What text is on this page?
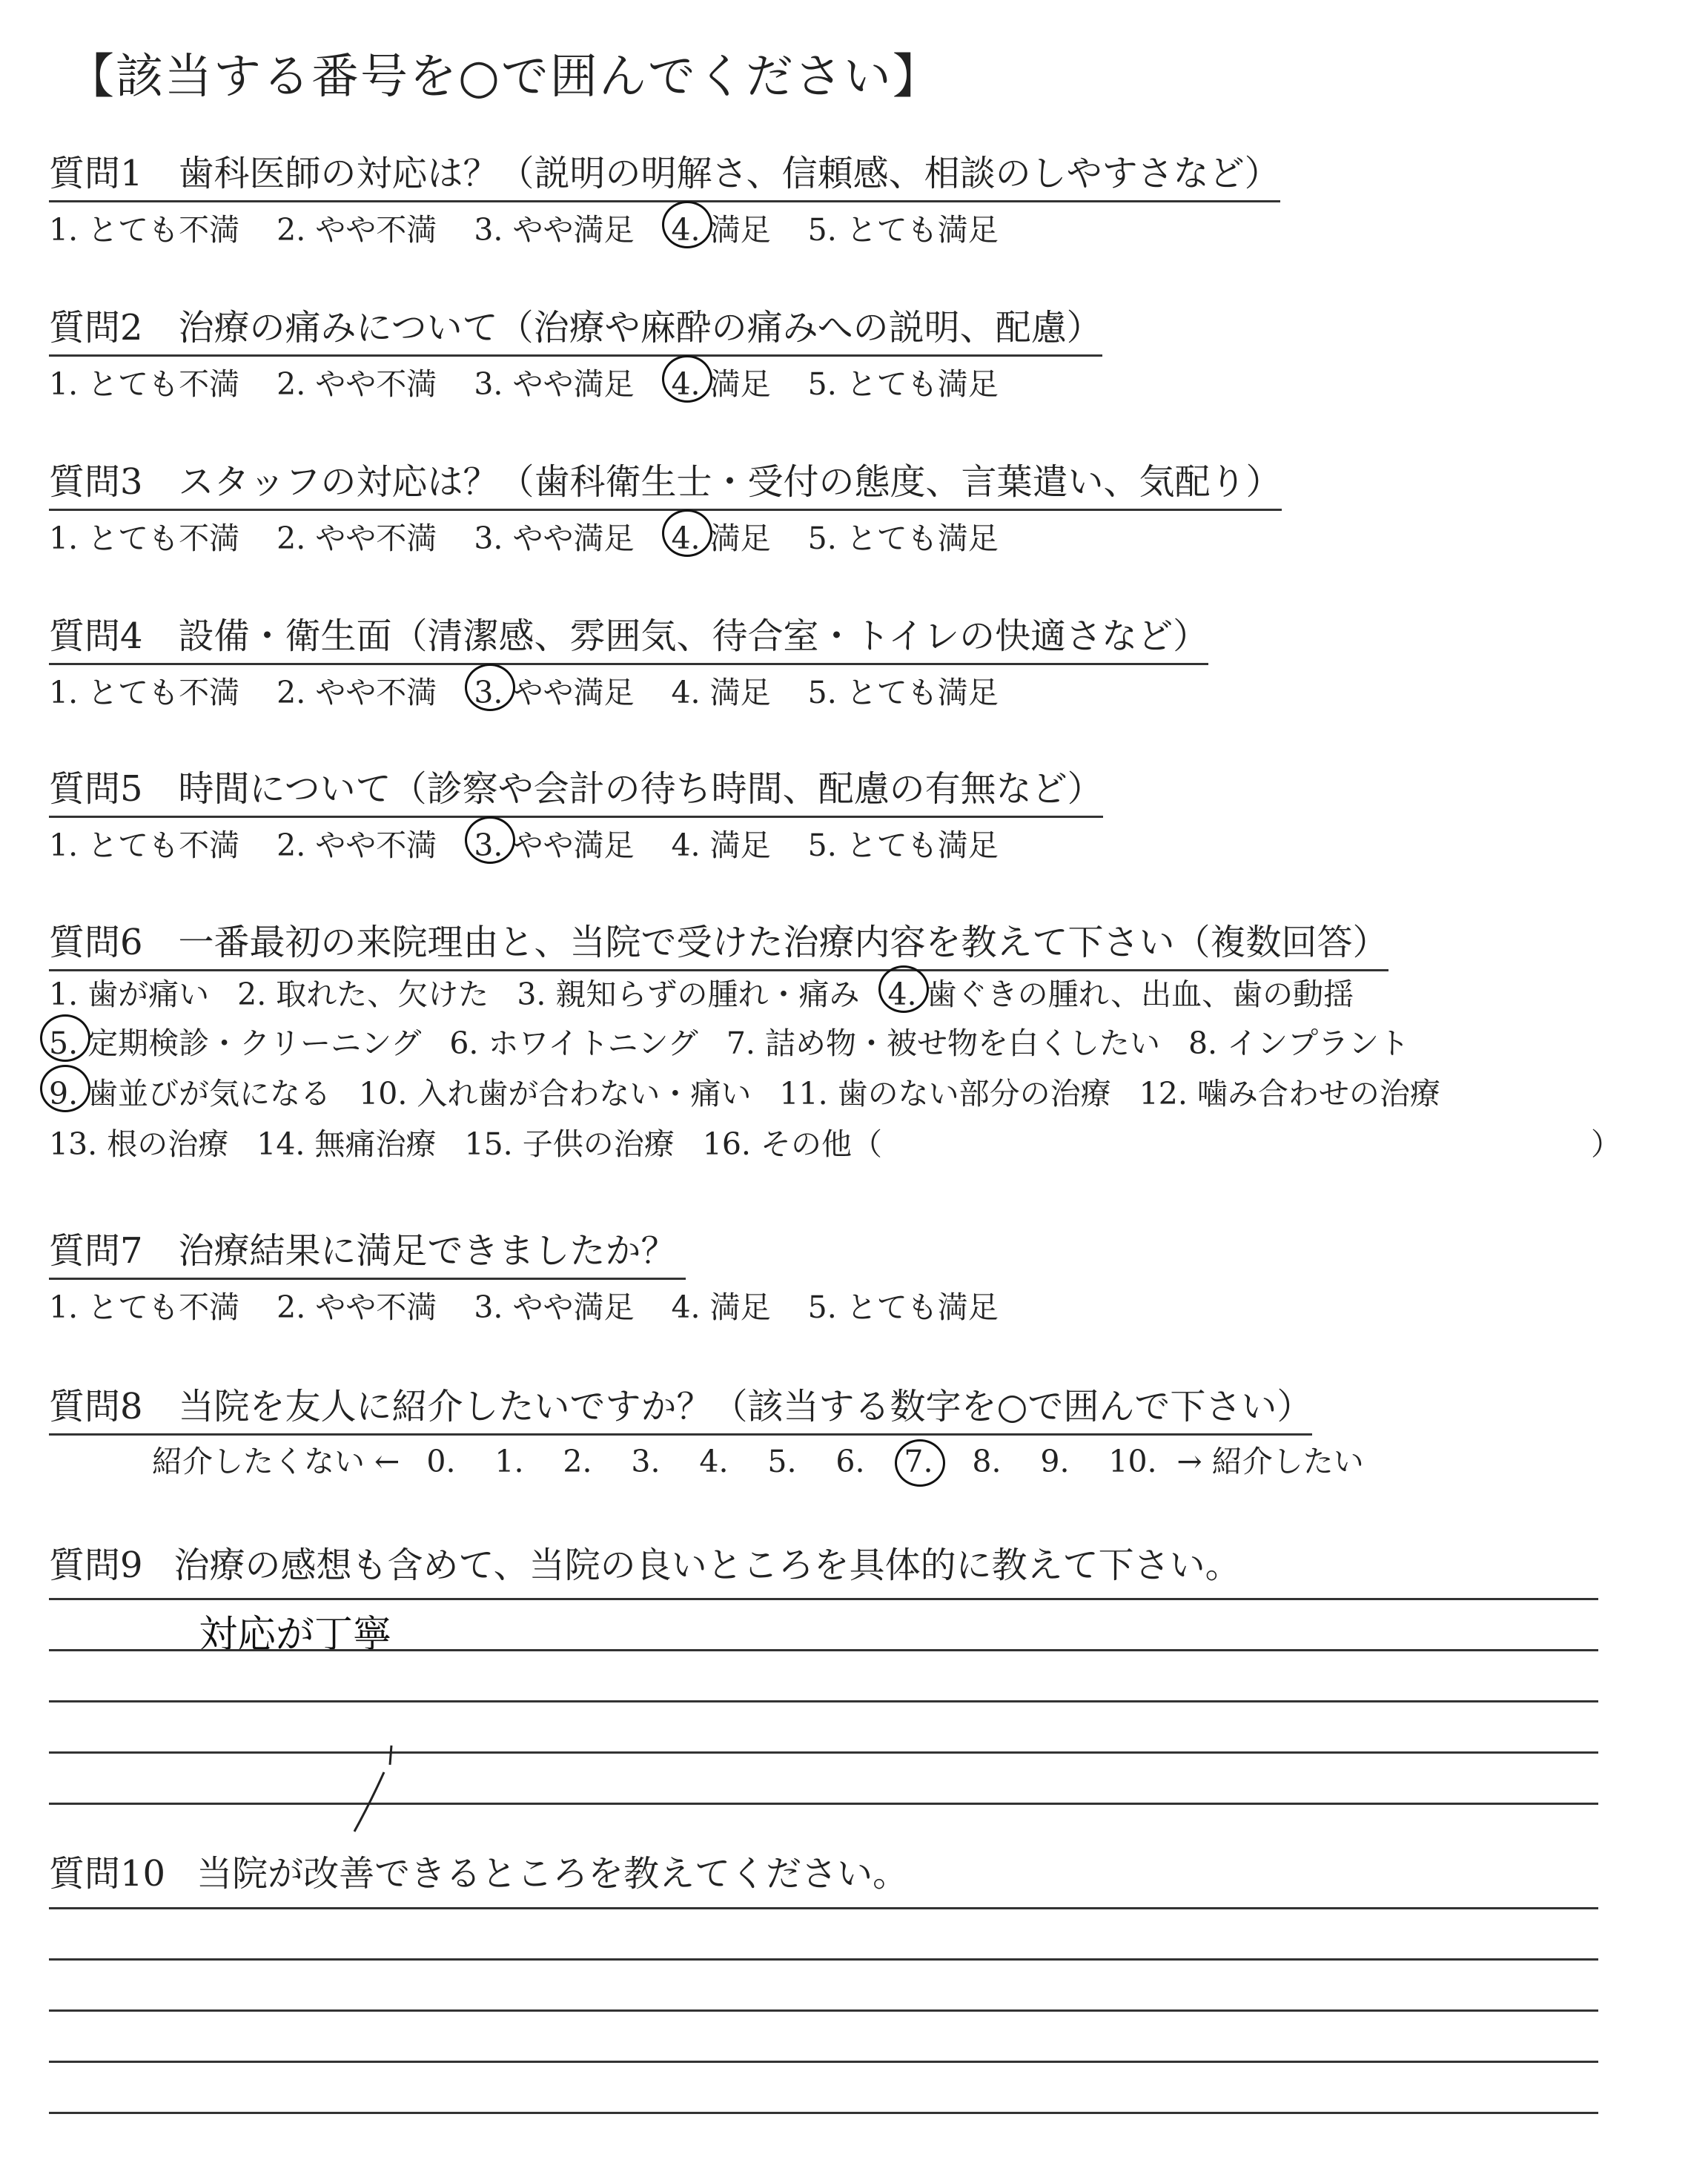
【該当する番号を○で囲んでください】
質問1 歯科医師の対応は？（説明の明解さ、信頼感、相談のしやすさなど）
1. とても不満 2. やや不満 3. やや満足 4. 満足 5. とても満足
質問2 治療の痛みについて（治療や麻酔の痛みへの説明、配慮）
1. とても不満 2. やや不満 3. やや満足 4. 満足 5. とても満足
質問3 スタッフの対応は？（歯科衛生士・受付の態度、言葉遣い、気配り）
1. とても不満 2. やや不満 3. やや満足 4. 満足 5. とても満足
質問4 設備・衛生面（清潔感、雰囲気、待合室・トイレの快適さなど）
1. とても不満 2. やや不満 3. やや満足 4. 満足 5. とても満足
質問5 時間について（診察や会計の待ち時間、配慮の有無など）
1. とても不満 2. やや不満 3. やや満足 4. 満足 5. とても満足
質問6 一番最初の来院理由と、当院で受けた治療内容を教えて下さい（複数回答）
1. 歯が痛い 2. 取れた、欠けた 3. 親知らずの腫れ・痛み 4. 歯ぐきの腫れ、出血、歯の動揺
5. 定期検診・クリーニング 6. ホワイトニング 7. 詰め物・被せ物を白くしたい 8. インプラント
9. 歯並びが気になる 10. 入れ歯が合わない・痛い 11. 歯のない部分の治療 12. 噛み合わせの治療
13. 根の治療 14. 無痛治療 15. 子供の治療 16. その他（	）
質問7 治療結果に満足できましたか？
1. とても不満 2. やや不満 3. やや満足 4. 満足 5. とても満足
質問8 当院を友人に紹介したいですか？（該当する数字を○で囲んで下さい）
紹介したくない ← 0. 1. 2. 3. 4. 5. 6. 7. 8. 9. 10. → 紹介したい
質問9 治療の感想も含めて、当院の良いところを具体的に教えて下さい。
対応が丁寧
質問10 当院が改善できるところを教えてください。
